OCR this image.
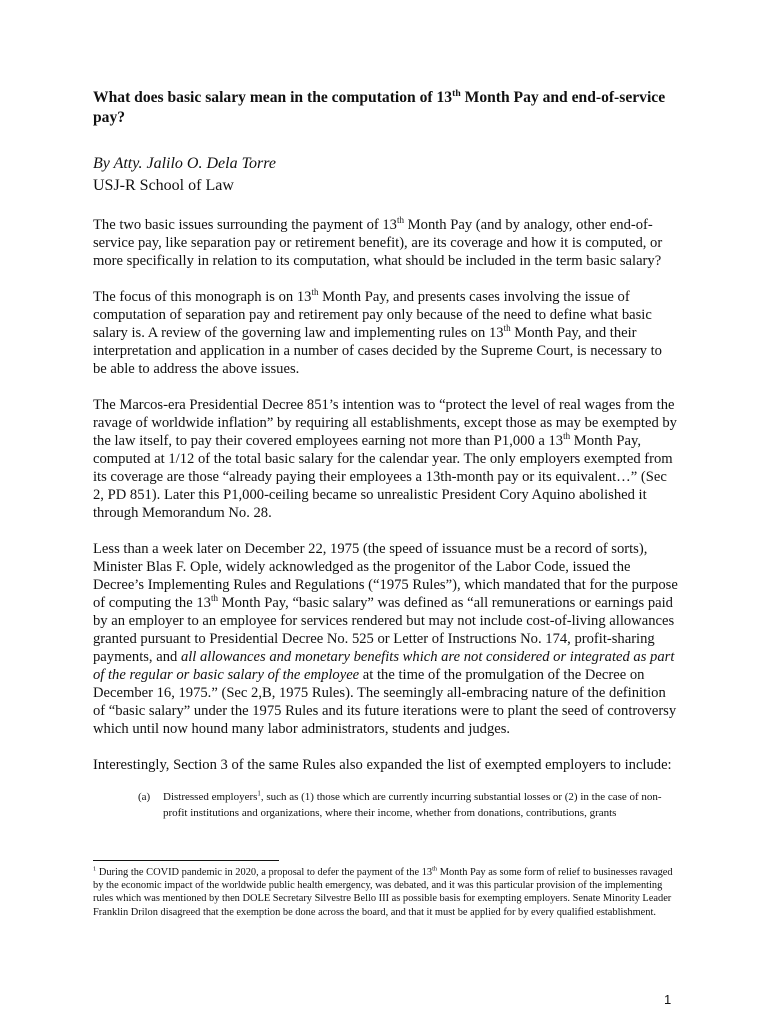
What does basic salary mean in the computation of 13th Month Pay and end-of-service pay?

By Atty. Jalilo O. Dela Torre

USJ-R School of Law

The two basic issues surrounding the payment of 13th Month Pay (and by analogy, other end-of-service pay, like separation pay or retirement benefit), are its coverage and how it is computed, or more specifically in relation to its computation, what should be included in the term basic salary?

The focus of this monograph is on 13th Month Pay, and presents cases involving the issue of computation of separation pay and retirement pay only because of the need to define what basic salary is. A review of the governing law and implementing rules on 13th Month Pay, and their interpretation and application in a number of cases decided by the Supreme Court, is necessary to be able to address the above issues.

The Marcos-era Presidential Decree 851’s intention was to “protect the level of real wages from the ravage of worldwide inflation” by requiring all establishments, except those as may be exempted by the law itself, to pay their covered employees earning not more than P1,000 a 13th Month Pay, computed at 1/12 of the total basic salary for the calendar year. The only employers exempted from its coverage are those “already paying their employees a 13th-month pay or its equivalent…” (Sec 2, PD 851). Later this P1,000-ceiling became so unrealistic President Cory Aquino abolished it through Memorandum No. 28.

Less than a week later on December 22, 1975 (the speed of issuance must be a record of sorts), Minister Blas F. Ople, widely acknowledged as the progenitor of the Labor Code, issued the Decree’s Implementing Rules and Regulations (“1975 Rules”), which mandated that for the purpose of computing the 13th Month Pay, “basic salary” was defined as “all remunerations or earnings paid by an employer to an employee for services rendered but may not include cost-of-living allowances granted pursuant to Presidential Decree No. 525 or Letter of Instructions No. 174, profit-sharing payments, and all allowances and monetary benefits which are not considered or integrated as part of the regular or basic salary of the employee at the time of the promulgation of the Decree on December 16, 1975.” (Sec 2,B, 1975 Rules). The seemingly all-embracing nature of the definition of “basic salary” under the 1975 Rules and its future iterations were to plant the seed of controversy which until now hound many labor administrators, students and judges.

Interestingly, Section 3 of the same Rules also expanded the list of exempted employers to include:

(a) Distressed employers$^1$, such as (1) those which are currently incurring substantial losses or (2) in the case of non-profit institutions and organizations, where their income, whether from donations, contributions, grants
$^1$ During the COVID pandemic in 2020, a proposal to defer the payment of the 13th Month Pay as some form of relief to businesses ravaged by the economic impact of the worldwide public health emergency, was debated, and it was this particular provision of the implementing rules which was mentioned by then DOLE Secretary Silvestre Bello III as possible basis for exempting employers. Senate Minority Leader Franklin Drilon disagreed that the exemption be done across the board, and that it must be applied for by every qualified establishment.
1
